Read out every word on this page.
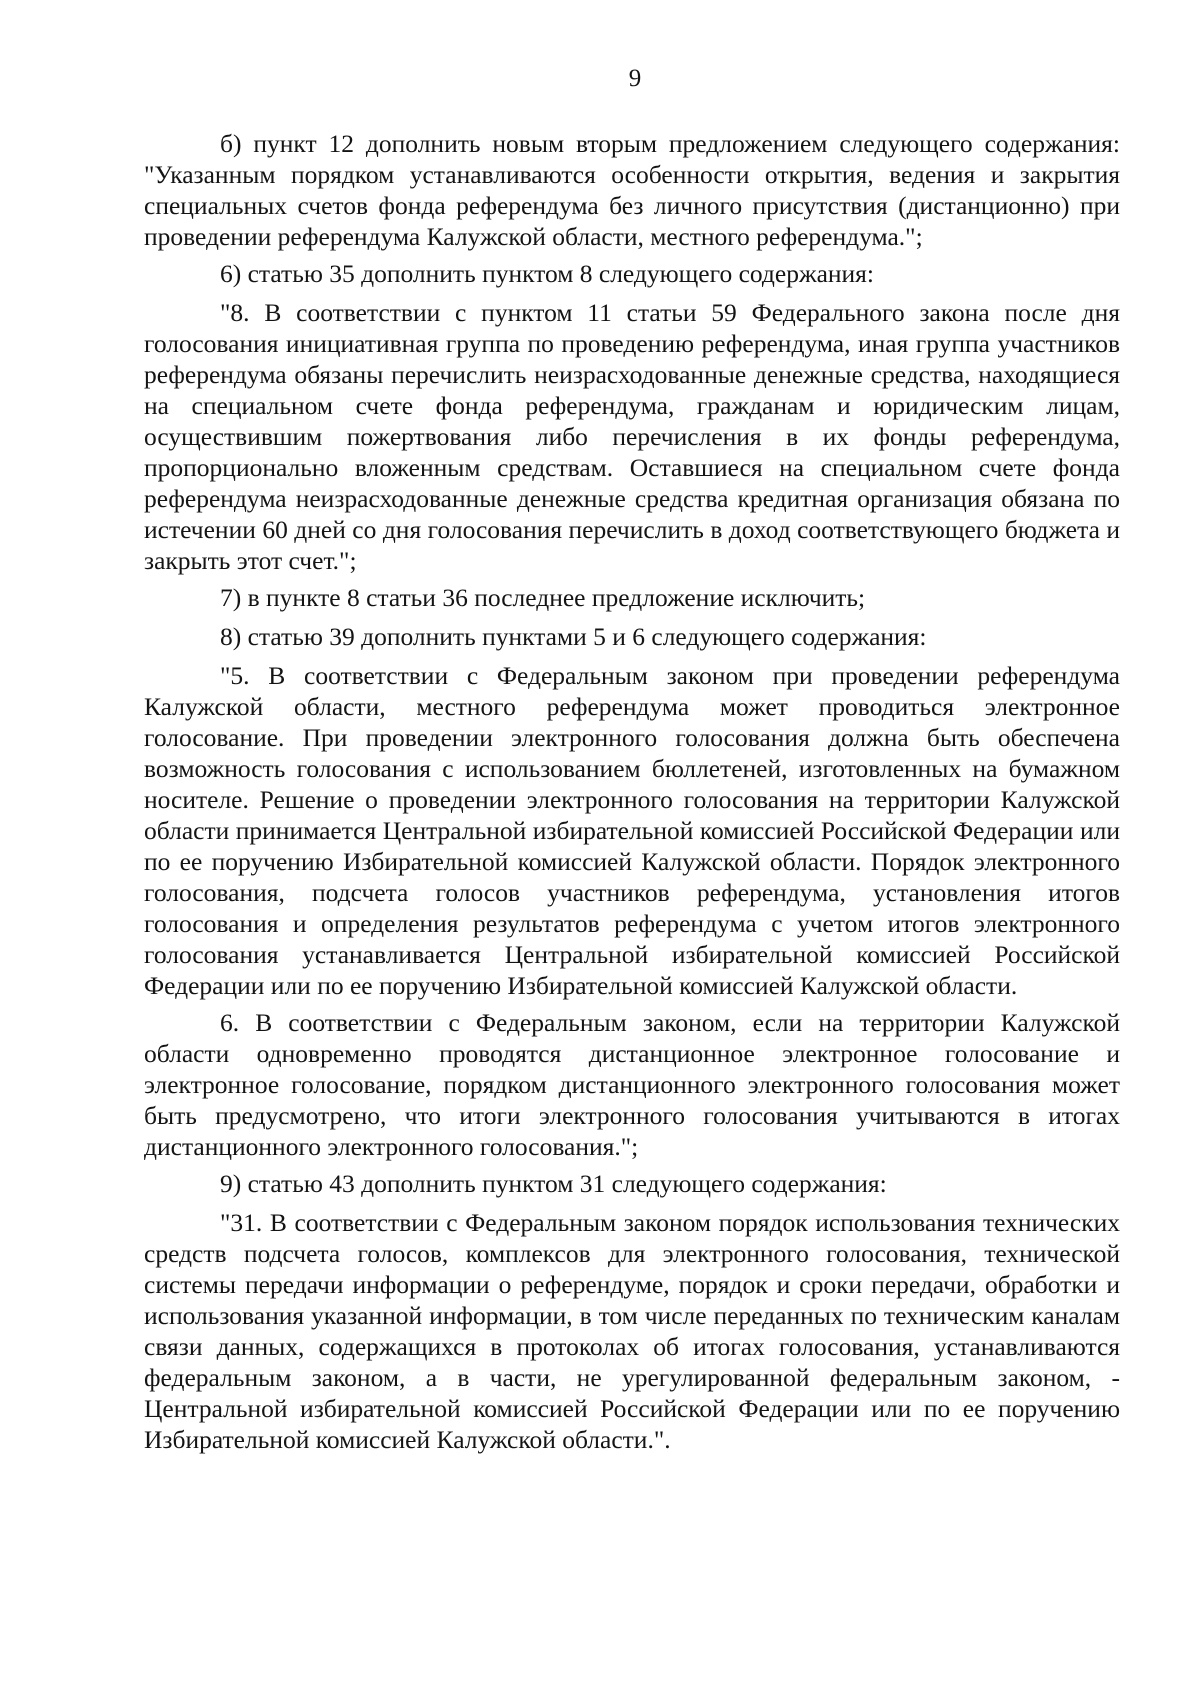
9

б) пункт 12 дополнить новым вторым предложением следующего содержания: "Указанным порядком устанавливаются особенности открытия, ведения и закрытия специальных счетов фонда референдума без личного присутствия (дистанционно) при проведении референдума Калужской области, местного референдума.";

6) статью 35 дополнить пунктом 8 следующего содержания:

"8. В соответствии с пунктом 11 статьи 59 Федерального закона после дня голосования инициативная группа по проведению референдума, иная группа участников референдума обязаны перечислить неизрасходованные денежные средства, находящиеся на специальном счете фонда референдума, гражданам и юридическим лицам, осуществившим пожертвования либо перечисления в их фонды референдума, пропорционально вложенным средствам. Оставшиеся на специальном счете фонда референдума неизрасходованные денежные средства кредитная организация обязана по истечении 60 дней со дня голосования перечислить в доход соответствующего бюджета и закрыть этот счет.";

7) в пункте 8 статьи 36 последнее предложение исключить;

8) статью 39 дополнить пунктами 5 и 6 следующего содержания:

"5. В соответствии с Федеральным законом при проведении референдума Калужской области, местного референдума может проводиться электронное голосование. При проведении электронного голосования должна быть обеспечена возможность голосования с использованием бюллетеней, изготовленных на бумажном носителе. Решение о проведении электронного голосования на территории Калужской области принимается Центральной избирательной комиссией Российской Федерации или по ее поручению Избирательной комиссией Калужской области. Порядок электронного голосования, подсчета голосов участников референдума, установления итогов голосования и определения результатов референдума с учетом итогов электронного голосования устанавливается Центральной избирательной комиссией Российской Федерации или по ее поручению Избирательной комиссией Калужской области.

6. В соответствии с Федеральным законом, если на территории Калужской области одновременно проводятся дистанционное электронное голосование и электронное голосование, порядком дистанционного электронного голосования может быть предусмотрено, что итоги электронного голосования учитываются в итогах дистанционного электронного голосования.";

9) статью 43 дополнить пунктом 31 следующего содержания:

"31. В соответствии с Федеральным законом порядок использования технических средств подсчета голосов, комплексов для электронного голосования, технической системы передачи информации о референдуме, порядок и сроки передачи, обработки и использования указанной информации, в том числе переданных по техническим каналам связи данных, содержащихся в протоколах об итогах голосования, устанавливаются федеральным законом, а в части, не урегулированной федеральным законом, - Центральной избирательной комиссией Российской Федерации или по ее поручению Избирательной комиссией Калужской области.".
